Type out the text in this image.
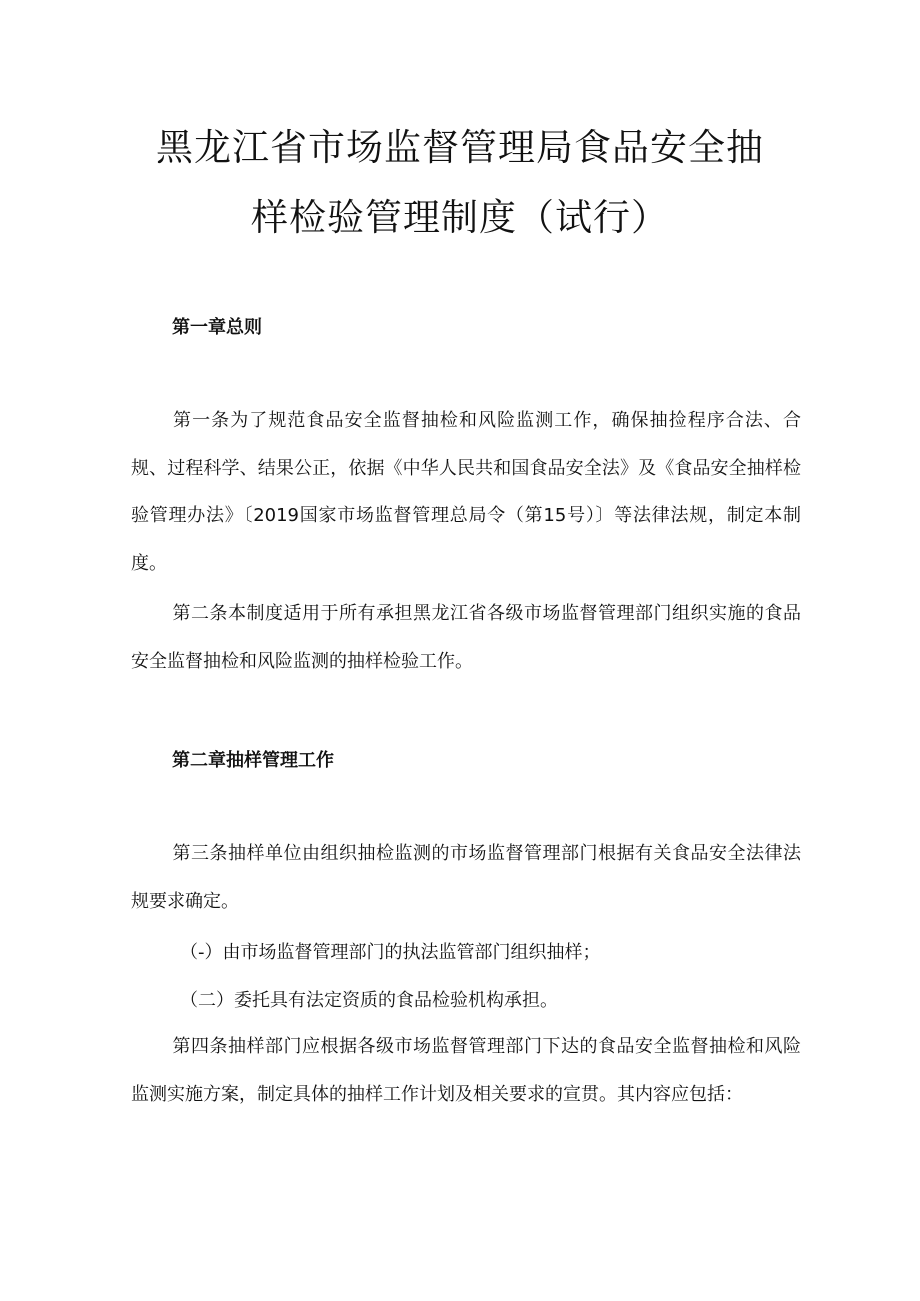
黑龙江省市场监督管理局食品安全抽
样检验管理制度（试行）
第一章总则
第一条为了规范食品安全监督抽检和风险监测工作，确保抽捡程序合法、合规、过程科学、结果公正，依据《中华人民共和国食品安全法》及《食品安全抽样检验管理办法》〔2019国家市场监督管理总局令（第15号）〕等法律法规，制定本制度。
第二条本制度适用于所有承担黑龙江省各级市场监督管理部门组织实施的食品安全监督抽检和风险监测的抽样检验工作。
第二章抽样管理工作
第三条抽样单位由组织抽检监测的市场监督管理部门根据有关食品安全法律法规要求确定。
（-）由市场监督管理部门的执法监管部门组织抽样；
（二）委托具有法定资质的食品检验机构承担。
第四条抽样部门应根据各级市场监督管理部门下达的食品安全监督抽检和风险监测实施方案，制定具体的抽样工作计划及相关要求的宣贯。其内容应包括：
